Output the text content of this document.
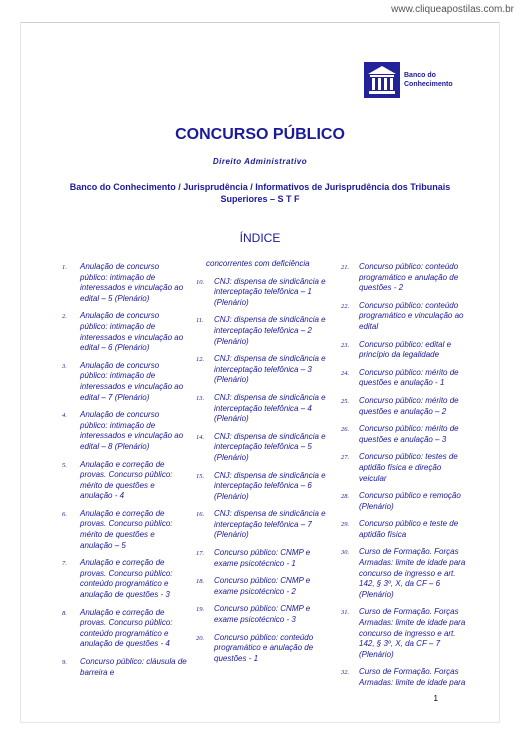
www.cliqueapostilas.com.br
Banco do
Conhecimento
CONCURSO PÚBLICO
Direito Administrativo
Banco do Conhecimento / Jurisprudência / Informativos de Jurisprudência dos Tribunais Superiores – S T F
ÍNDICE
1.	Anulação de concurso público: intimação de interessados e vinculação ao edital – 5 (Plenário)
2.	Anulação de concurso público: intimação de interessados e vinculação ao edital – 6 (Plenário)
3.	Anulação de concurso público: intimação de interessados e vinculação ao edital – 7 (Plenário)
4.	Anulação de concurso público: intimação de interessados e vinculação ao edital – 8 (Plenário)
5.	Anulação e correção de provas. Concurso público: mérito de questões e anulação - 4
6.	Anulação e correção de provas. Concurso público: mérito de questões e anulação – 5
7.	Anulação e correção de provas. Concurso público: conteúdo programático e anulação de questões - 3
8.	Anulação e correção de provas. Concurso público: conteúdo programático e anulação de questões - 4
9.	Concurso público: cláusula de barreira e
concorrentes com deficiência
10.	CNJ: dispensa de sindicância e interceptação telefônica – 1 (Plenário)
11.	CNJ: dispensa de sindicância e interceptação telefônica – 2 (Plenário)
12.	CNJ: dispensa de sindicância e interceptação telefônica – 3 (Plenário)
13.	CNJ: dispensa de sindicância e interceptação telefônica – 4 (Plenário)
14.	CNJ: dispensa de sindicância e interceptação telefônica – 5 (Plenário)
15.	CNJ: dispensa de sindicância e interceptação telefônica – 6 (Plenário)
16.	CNJ: dispensa de sindicância e interceptação telefônica – 7 (Plenário)
17.	Concurso público: CNMP e exame psicotécnico - 1
18.	Concurso público: CNMP e exame psicotécnico - 2
19.	Concurso público: CNMP e exame psicotécnico - 3
20.	Concurso público: conteúdo programático e anulação de questões - 1
21.	Concurso público: conteúdo programático e anulação de questões - 2
22.	Concurso público: conteúdo programático e vinculação ao edital
23.	Concurso público: edital e princípio da legalidade
24.	Concurso público: mérito de questões e anulação - 1
25.	Concurso público: mérito de questões e anulação – 2
26.	Concurso público: mérito de questões e anulação – 3
27.	Concurso público: testes de aptidão física e direção veicular
28.	Concurso público e remoção (Plenário)
29.	Concurso público e teste de aptidão física
30.	Curso de Formação. Forças Armadas: limite de idade para concurso de ingresso e art. 142, § 3º, X, da CF – 6 (Plenário)
31.	Curso de Formação. Forças Armadas: limite de idade para concurso de ingresso e art. 142, § 3º, X, da CF – 7 (Plenário)
32.	Curso de Formação. Forças Armadas: limite de idade para
1
